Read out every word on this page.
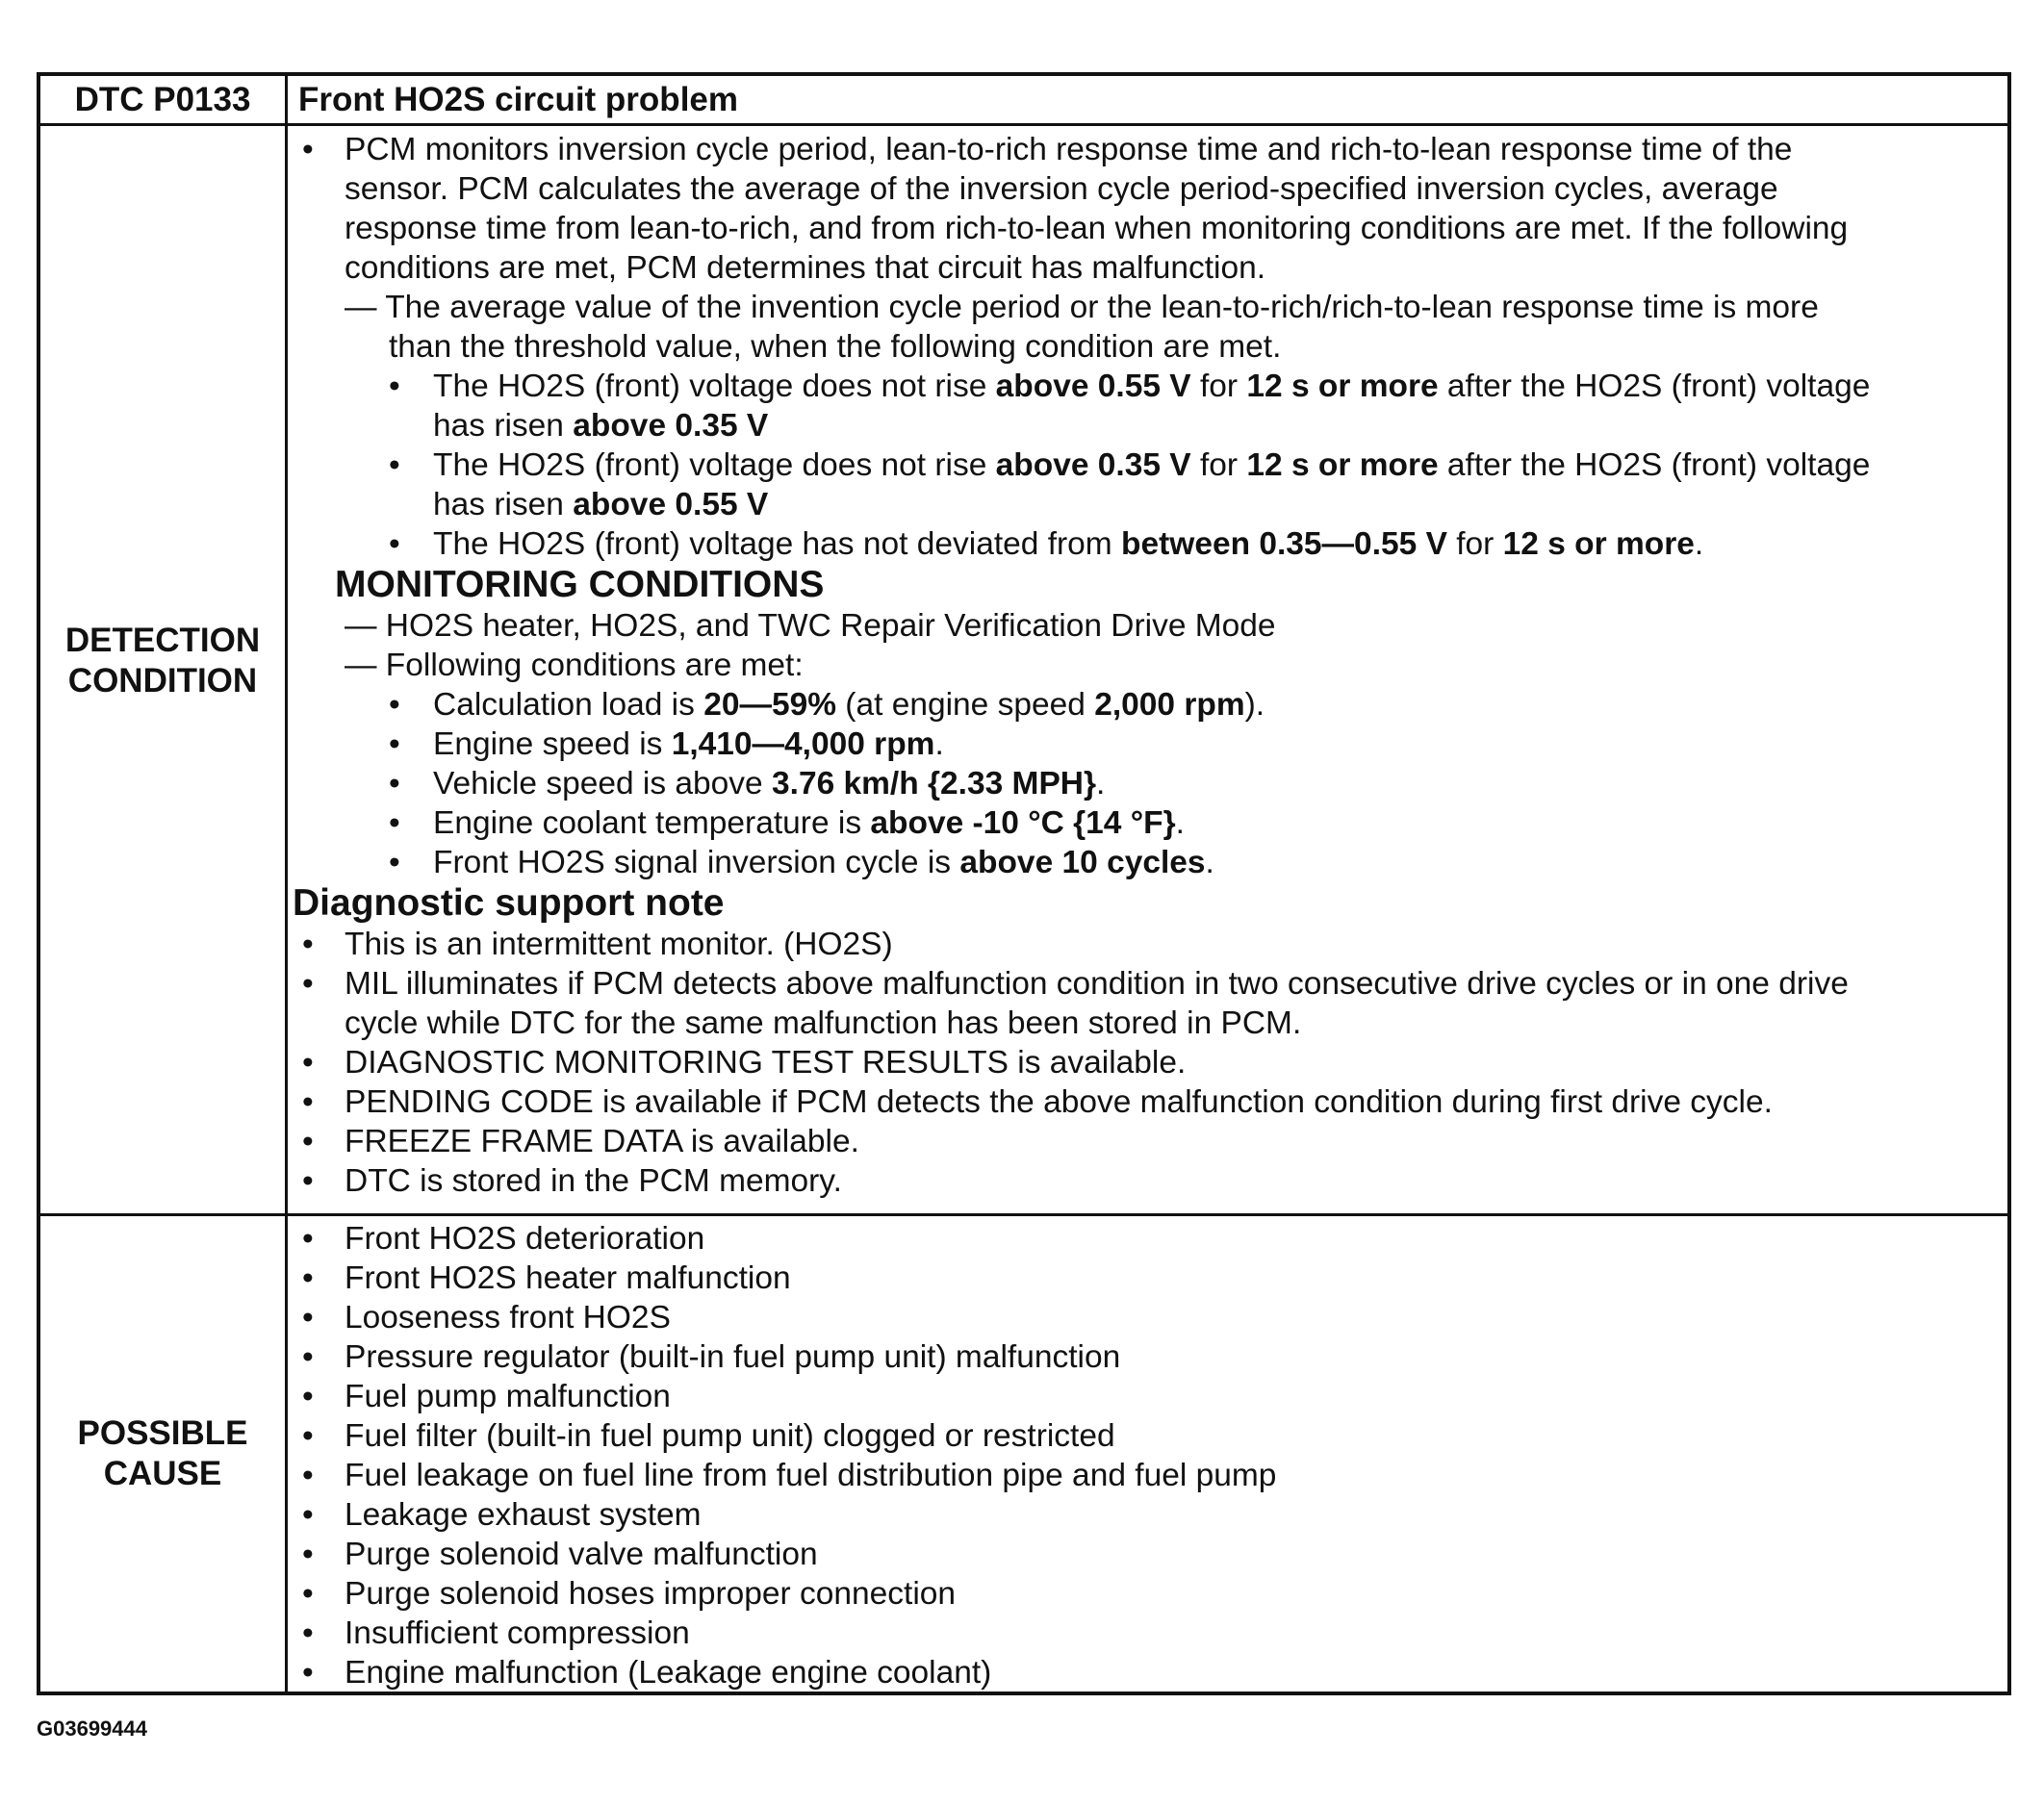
DTC P0133	Front HO2S circuit problem
DETECTION
CONDITION
• PCM monitors inversion cycle period, lean-to-rich response time and rich-to-lean response time of the
sensor. PCM calculates the average of the inversion cycle period-specified inversion cycles, average
response time from lean-to-rich, and from rich-to-lean when monitoring conditions are met. If the following
conditions are met, PCM determines that circuit has malfunction.
— The average value of the invention cycle period or the lean-to-rich/rich-to-lean response time is more
than the threshold value, when the following condition are met.
• The HO2S (front) voltage does not rise above 0.55 V for 12 s or more after the HO2S (front) voltage
has risen above 0.35 V
• The HO2S (front) voltage does not rise above 0.35 V for 12 s or more after the HO2S (front) voltage
has risen above 0.55 V
• The HO2S (front) voltage has not deviated from between 0.35—0.55 V for 12 s or more.
MONITORING CONDITIONS
— HO2S heater, HO2S, and TWC Repair Verification Drive Mode
— Following conditions are met:
• Calculation load is 20—59% (at engine speed 2,000 rpm).
• Engine speed is 1,410—4,000 rpm.
• Vehicle speed is above 3.76 km/h {2.33 MPH}.
• Engine coolant temperature is above -10 °C {14 °F}.
• Front HO2S signal inversion cycle is above 10 cycles.
Diagnostic support note
• This is an intermittent monitor. (HO2S)
• MIL illuminates if PCM detects above malfunction condition in two consecutive drive cycles or in one drive
cycle while DTC for the same malfunction has been stored in PCM.
• DIAGNOSTIC MONITORING TEST RESULTS is available.
• PENDING CODE is available if PCM detects the above malfunction condition during first drive cycle.
• FREEZE FRAME DATA is available.
• DTC is stored in the PCM memory.
POSSIBLE
CAUSE
• Front HO2S deterioration
• Front HO2S heater malfunction
• Looseness front HO2S
• Pressure regulator (built-in fuel pump unit) malfunction
• Fuel pump malfunction
• Fuel filter (built-in fuel pump unit) clogged or restricted
• Fuel leakage on fuel line from fuel distribution pipe and fuel pump
• Leakage exhaust system
• Purge solenoid valve malfunction
• Purge solenoid hoses improper connection
• Insufficient compression
• Engine malfunction (Leakage engine coolant)
G03699444
